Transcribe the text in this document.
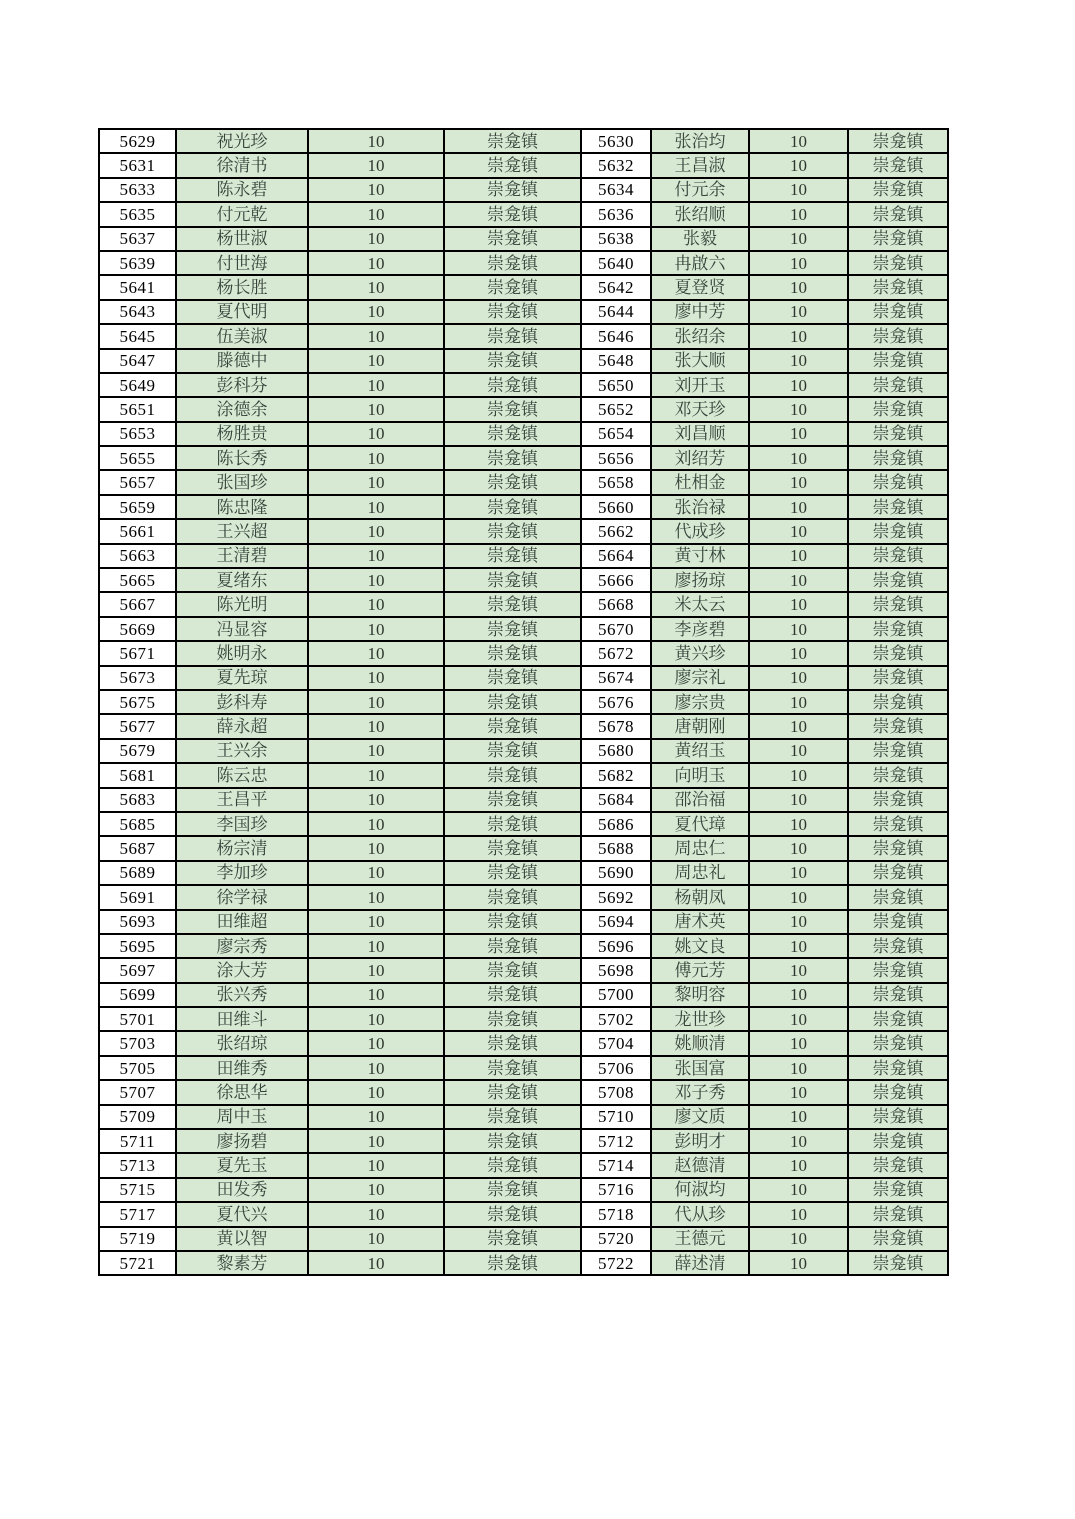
5629	祝光珍	10	崇龛镇	5630	张治均	10	崇龛镇
5631	徐清书	10	崇龛镇	5632	王昌淑	10	崇龛镇
5633	陈永碧	10	崇龛镇	5634	付元余	10	崇龛镇
5635	付元乾	10	崇龛镇	5636	张绍顺	10	崇龛镇
5637	杨世淑	10	崇龛镇	5638	张毅	10	崇龛镇
5639	付世海	10	崇龛镇	5640	冉啟六	10	崇龛镇
5641	杨长胜	10	崇龛镇	5642	夏登贤	10	崇龛镇
5643	夏代明	10	崇龛镇	5644	廖中芳	10	崇龛镇
5645	伍美淑	10	崇龛镇	5646	张绍余	10	崇龛镇
5647	滕德中	10	崇龛镇	5648	张大顺	10	崇龛镇
5649	彭科芬	10	崇龛镇	5650	刘开玉	10	崇龛镇
5651	涂德余	10	崇龛镇	5652	邓天珍	10	崇龛镇
5653	杨胜贵	10	崇龛镇	5654	刘昌顺	10	崇龛镇
5655	陈长秀	10	崇龛镇	5656	刘绍芳	10	崇龛镇
5657	张国珍	10	崇龛镇	5658	杜相金	10	崇龛镇
5659	陈忠隆	10	崇龛镇	5660	张治禄	10	崇龛镇
5661	王兴超	10	崇龛镇	5662	代成珍	10	崇龛镇
5663	王清碧	10	崇龛镇	5664	黄寸林	10	崇龛镇
5665	夏绪东	10	崇龛镇	5666	廖扬琼	10	崇龛镇
5667	陈光明	10	崇龛镇	5668	米太云	10	崇龛镇
5669	冯显容	10	崇龛镇	5670	李彦碧	10	崇龛镇
5671	姚明永	10	崇龛镇	5672	黄兴珍	10	崇龛镇
5673	夏先琼	10	崇龛镇	5674	廖宗礼	10	崇龛镇
5675	彭科寿	10	崇龛镇	5676	廖宗贵	10	崇龛镇
5677	薛永超	10	崇龛镇	5678	唐朝刚	10	崇龛镇
5679	王兴余	10	崇龛镇	5680	黄绍玉	10	崇龛镇
5681	陈云忠	10	崇龛镇	5682	向明玉	10	崇龛镇
5683	王昌平	10	崇龛镇	5684	邵治福	10	崇龛镇
5685	李国珍	10	崇龛镇	5686	夏代璋	10	崇龛镇
5687	杨宗清	10	崇龛镇	5688	周忠仁	10	崇龛镇
5689	李加珍	10	崇龛镇	5690	周忠礼	10	崇龛镇
5691	徐学禄	10	崇龛镇	5692	杨朝凤	10	崇龛镇
5693	田维超	10	崇龛镇	5694	唐术英	10	崇龛镇
5695	廖宗秀	10	崇龛镇	5696	姚文良	10	崇龛镇
5697	涂大芳	10	崇龛镇	5698	傅元芳	10	崇龛镇
5699	张兴秀	10	崇龛镇	5700	黎明容	10	崇龛镇
5701	田维斗	10	崇龛镇	5702	龙世珍	10	崇龛镇
5703	张绍琼	10	崇龛镇	5704	姚顺清	10	崇龛镇
5705	田维秀	10	崇龛镇	5706	张国富	10	崇龛镇
5707	徐思华	10	崇龛镇	5708	邓子秀	10	崇龛镇
5709	周中玉	10	崇龛镇	5710	廖文质	10	崇龛镇
5711	廖扬碧	10	崇龛镇	5712	彭明才	10	崇龛镇
5713	夏先玉	10	崇龛镇	5714	赵德清	10	崇龛镇
5715	田发秀	10	崇龛镇	5716	何淑均	10	崇龛镇
5717	夏代兴	10	崇龛镇	5718	代从珍	10	崇龛镇
5719	黄以智	10	崇龛镇	5720	王德元	10	崇龛镇
5721	黎素芳	10	崇龛镇	5722	薛述清	10	崇龛镇
